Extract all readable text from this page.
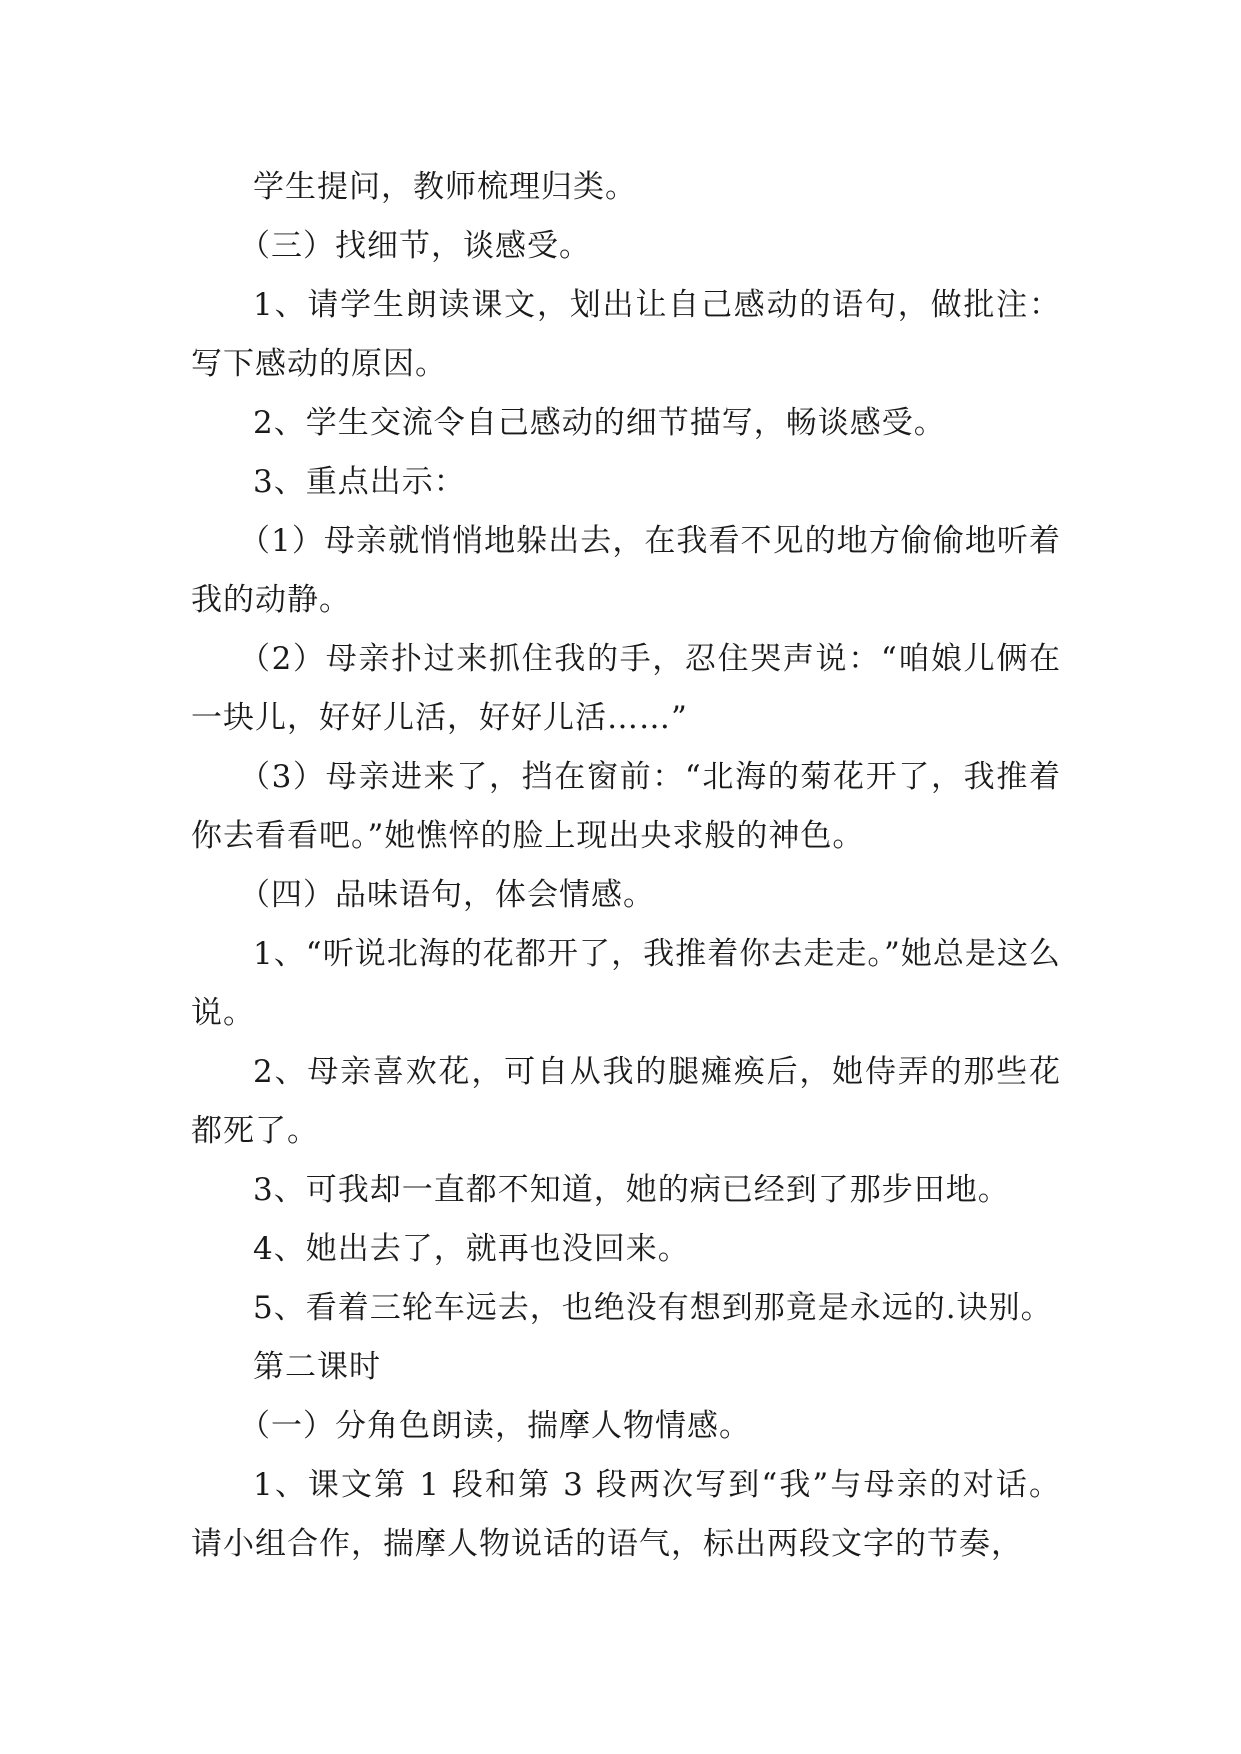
学生提问，教师梳理归类。

（三）找细节，谈感受。

1、请学生朗读课文，划出让自己感动的语句，做批注：写下感动的原因。

2、学生交流令自己感动的细节描写，畅谈感受。

3、重点出示：

（1）母亲就悄悄地躲出去，在我看不见的地方偷偷地听着我的动静。

（2）母亲扑过来抓住我的手，忍住哭声说：“咱娘儿俩在一块儿，好好儿活，好好儿活……”

（3）母亲进来了，挡在窗前：“北海的菊花开了，我推着你去看看吧。”她憔悴的脸上现出央求般的神色。

（四）品味语句，体会情感。

1、“听说北海的花都开了，我推着你去走走。”她总是这么说。

2、母亲喜欢花，可自从我的腿瘫痪后，她侍弄的那些花都死了。

3、可我却一直都不知道，她的病已经到了那步田地。

4、她出去了，就再也没回来。

5、看着三轮车远去，也绝没有想到那竟是永远的.诀别。

第二课时

（一）分角色朗读，揣摩人物情感。

1、课文第 1 段和第 3 段两次写到“我”与母亲的对话。请小组合作，揣摩人物说话的语气，标出两段文字的节奏，
